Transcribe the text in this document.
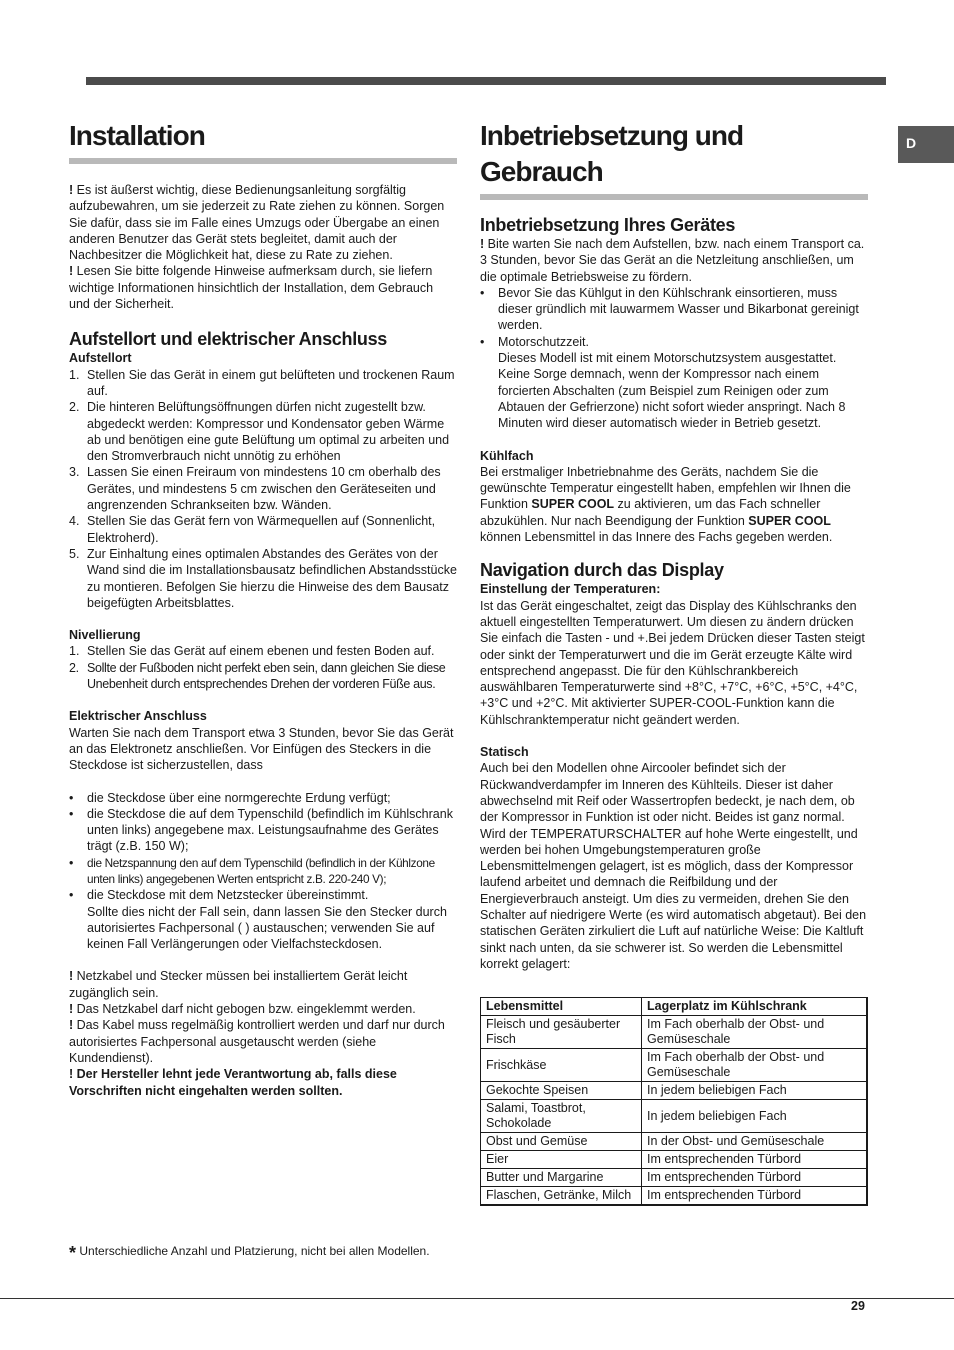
D
Installation

! Es ist äußerst wichtig, diese Bedienungsanleitung sorgfältig aufzubewahren, um sie jederzeit zu Rate ziehen zu können. Sorgen Sie dafür, dass sie im Falle eines Umzugs oder Übergabe an einen anderen Benutzer das Gerät stets begleitet, damit auch der Nachbesitzer die Möglichkeit hat, diese zu Rate zu ziehen.

! Lesen Sie bitte folgende Hinweise aufmerksam durch, sie liefern wichtige Informationen hinsichtlich der Installation, dem Gebrauch und der Sicherheit.

Aufstellort und elektrischer Anschluss
Aufstellort
1. Stellen Sie das Gerät in einem gut belüfteten und trockenen Raum auf.
2. Die hinteren Belüftungsöffnungen dürfen nicht zugestellt bzw. abgedeckt werden: Kompressor und Kondensator geben Wärme ab und benötigen eine gute Belüftung um optimal zu arbeiten und den Stromverbrauch nicht unnötig zu erhöhen
3. Lassen Sie einen Freiraum von mindestens 10 cm oberhalb des Gerätes, und mindestens 5 cm zwischen den Geräteseiten und angrenzenden Schrankseiten bzw. Wänden.
4. Stellen Sie das Gerät fern von Wärmequellen auf (Sonnenlicht, Elektroherd).
5. Zur Einhaltung eines optimalen Abstandes des Gerätes von der Wand sind die im Installationsbausatz befindlichen Abstandsstücke zu montieren. Befolgen Sie hierzu die Hinweise des dem Bausatz beigefügten Arbeitsblattes.
Nivellierung
1. Stellen Sie das Gerät auf einem ebenen und festen Boden auf.
2. Sollte der Fußboden nicht perfekt eben sein, dann gleichen Sie diese Unebenheit durch entsprechendes Drehen der vorderen Füße aus.
Elektrischer Anschluss

Warten Sie nach dem Transport etwa 3 Stunden, bevor Sie das Gerät an das Elektronetz anschließen. Vor Einfügen des Steckers in die Steckdose ist sicherzustellen, dass

• die Steckdose über eine normgerechte Erdung verfügt;
• die Steckdose die auf dem Typenschild (befindlich im Kühlschrank unten links) angegebene max. Leistungsaufnahme des Gerätes trägt (z.B. 150 W);
• die Netzspannung den auf dem Typenschild (befindlich in der Kühlzone unten links) angegebenen Werten entspricht z.B. 220-240 V);
• die Steckdose mit dem Netzstecker übereinstimmt.

Sollte dies nicht der Fall sein, dann lassen Sie den Stecker durch autorisiertes Fachpersonal ( ) austauschen; verwenden Sie auf keinen Fall Verlängerungen oder Vielfachsteckdosen.

! Netzkabel und Stecker müssen bei installiertem Gerät leicht zugänglich sein.

! Das Netzkabel darf nicht gebogen bzw. eingeklemmt werden.

! Das Kabel muss regelmäßig kontrolliert werden und darf nur durch autorisiertes Fachpersonal ausgetauscht werden (siehe Kundendienst).

! Der Hersteller lehnt jede Verantwortung ab, falls diese Vorschriften nicht eingehalten werden sollten.

Inbetriebsetzung und
Gebrauch
Inbetriebsetzung Ihres Gerätes

! Bite warten Sie nach dem Aufstellen, bzw. nach einem Transport ca. 3 Stunden, bevor Sie das Gerät an die Netzleitung anschließen, um die optimale Betriebsweise zu fördern.

• Bevor Sie das Kühlgut in den Kühlschrank einsortieren, muss dieser gründlich mit lauwarmem Wasser und Bikarbonat gereinigt werden.
• Motorschutzzeit.
Dieses Modell ist mit einem Motorschutzsystem ausgestattet. Keine Sorge demnach, wenn der Kompressor nach einem forcierten Abschalten (zum Beispiel zum Reinigen oder zum Abtauen der Gefrierzone) nicht sofort wieder anspringt. Nach 8 Minuten wird dieser automatisch wieder in Betrieb gesetzt.
Kühlfach

Bei erstmaliger Inbetriebnahme des Geräts, nachdem Sie die gewünschte Temperatur eingestellt haben, empfehlen wir Ihnen die Funktion SUPER COOL zu aktivieren, um das Fach schneller abzukühlen. Nur nach Beendigung der Funktion SUPER COOL können Lebensmittel in das Innere des Fachs gegeben werden.

Navigation durch das Display
Einstellung der Temperaturen:

Ist das Gerät eingeschaltet, zeigt das Display des Kühlschranks den aktuell eingestellten Temperaturwert. Um diesen zu ändern drücken Sie einfach die Tasten - und +.Bei jedem Drücken dieser Tasten steigt oder sinkt der Temperaturwert und die im Gerät erzeugte Kälte wird entsprechend angepasst. Die für den Kühlschrankbereich auswählbaren Temperaturwerte sind +8°C, +7°C, +6°C, +5°C, +4°C, +3°C und +2°C. Mit aktivierter SUPER-COOL-Funktion kann die Kühlschranktemperatur nicht geändert werden.

Statisch

Auch bei den Modellen ohne Aircooler befindet sich der Rückwandverdampfer im Inneren des Kühlteils. Dieser ist daher abwechselnd mit Reif oder Wassertropfen bedeckt, je nach dem, ob der Kompressor in Funktion ist oder nicht. Beides ist ganz normal. Wird der TEMPERATURSCHALTER auf hohe Werte eingestellt, und werden bei hohen Umgebungstemperaturen große Lebensmittelmengen gelagert, ist es möglich, dass der Kompressor laufend arbeitet und demnach die Reifbildung und der Energieverbrauch ansteigt. Um dies zu vermeiden, drehen Sie den Schalter auf niedrigere Werte (es wird automatisch abgetaut). Bei den statischen Geräten zirkuliert die Luft auf natürliche Weise: Die Kaltluft sinkt nach unten, da sie schwerer ist. So werden die Lebensmittel korrekt gelagert:

Lebensmittel	Lagerplatz im Kühlschrank
Fleisch und gesäuberter Fisch	Im Fach oberhalb der Obst- und Gemüseschale
Frischkäse	Im Fach oberhalb der Obst- und Gemüseschale
Gekochte Speisen	In jedem beliebigen Fach
Salami, Toastbrot, Schokolade	In jedem beliebigen Fach
Obst und Gemüse	In der Obst- und Gemüseschale
Eier	Im entsprechenden Türbord
Butter und Margarine	Im entsprechenden Türbord
Flaschen, Getränke, Milch	Im entsprechenden Türbord
* Unterschiedliche Anzahl und Platzierung, nicht bei allen Modellen.
29
